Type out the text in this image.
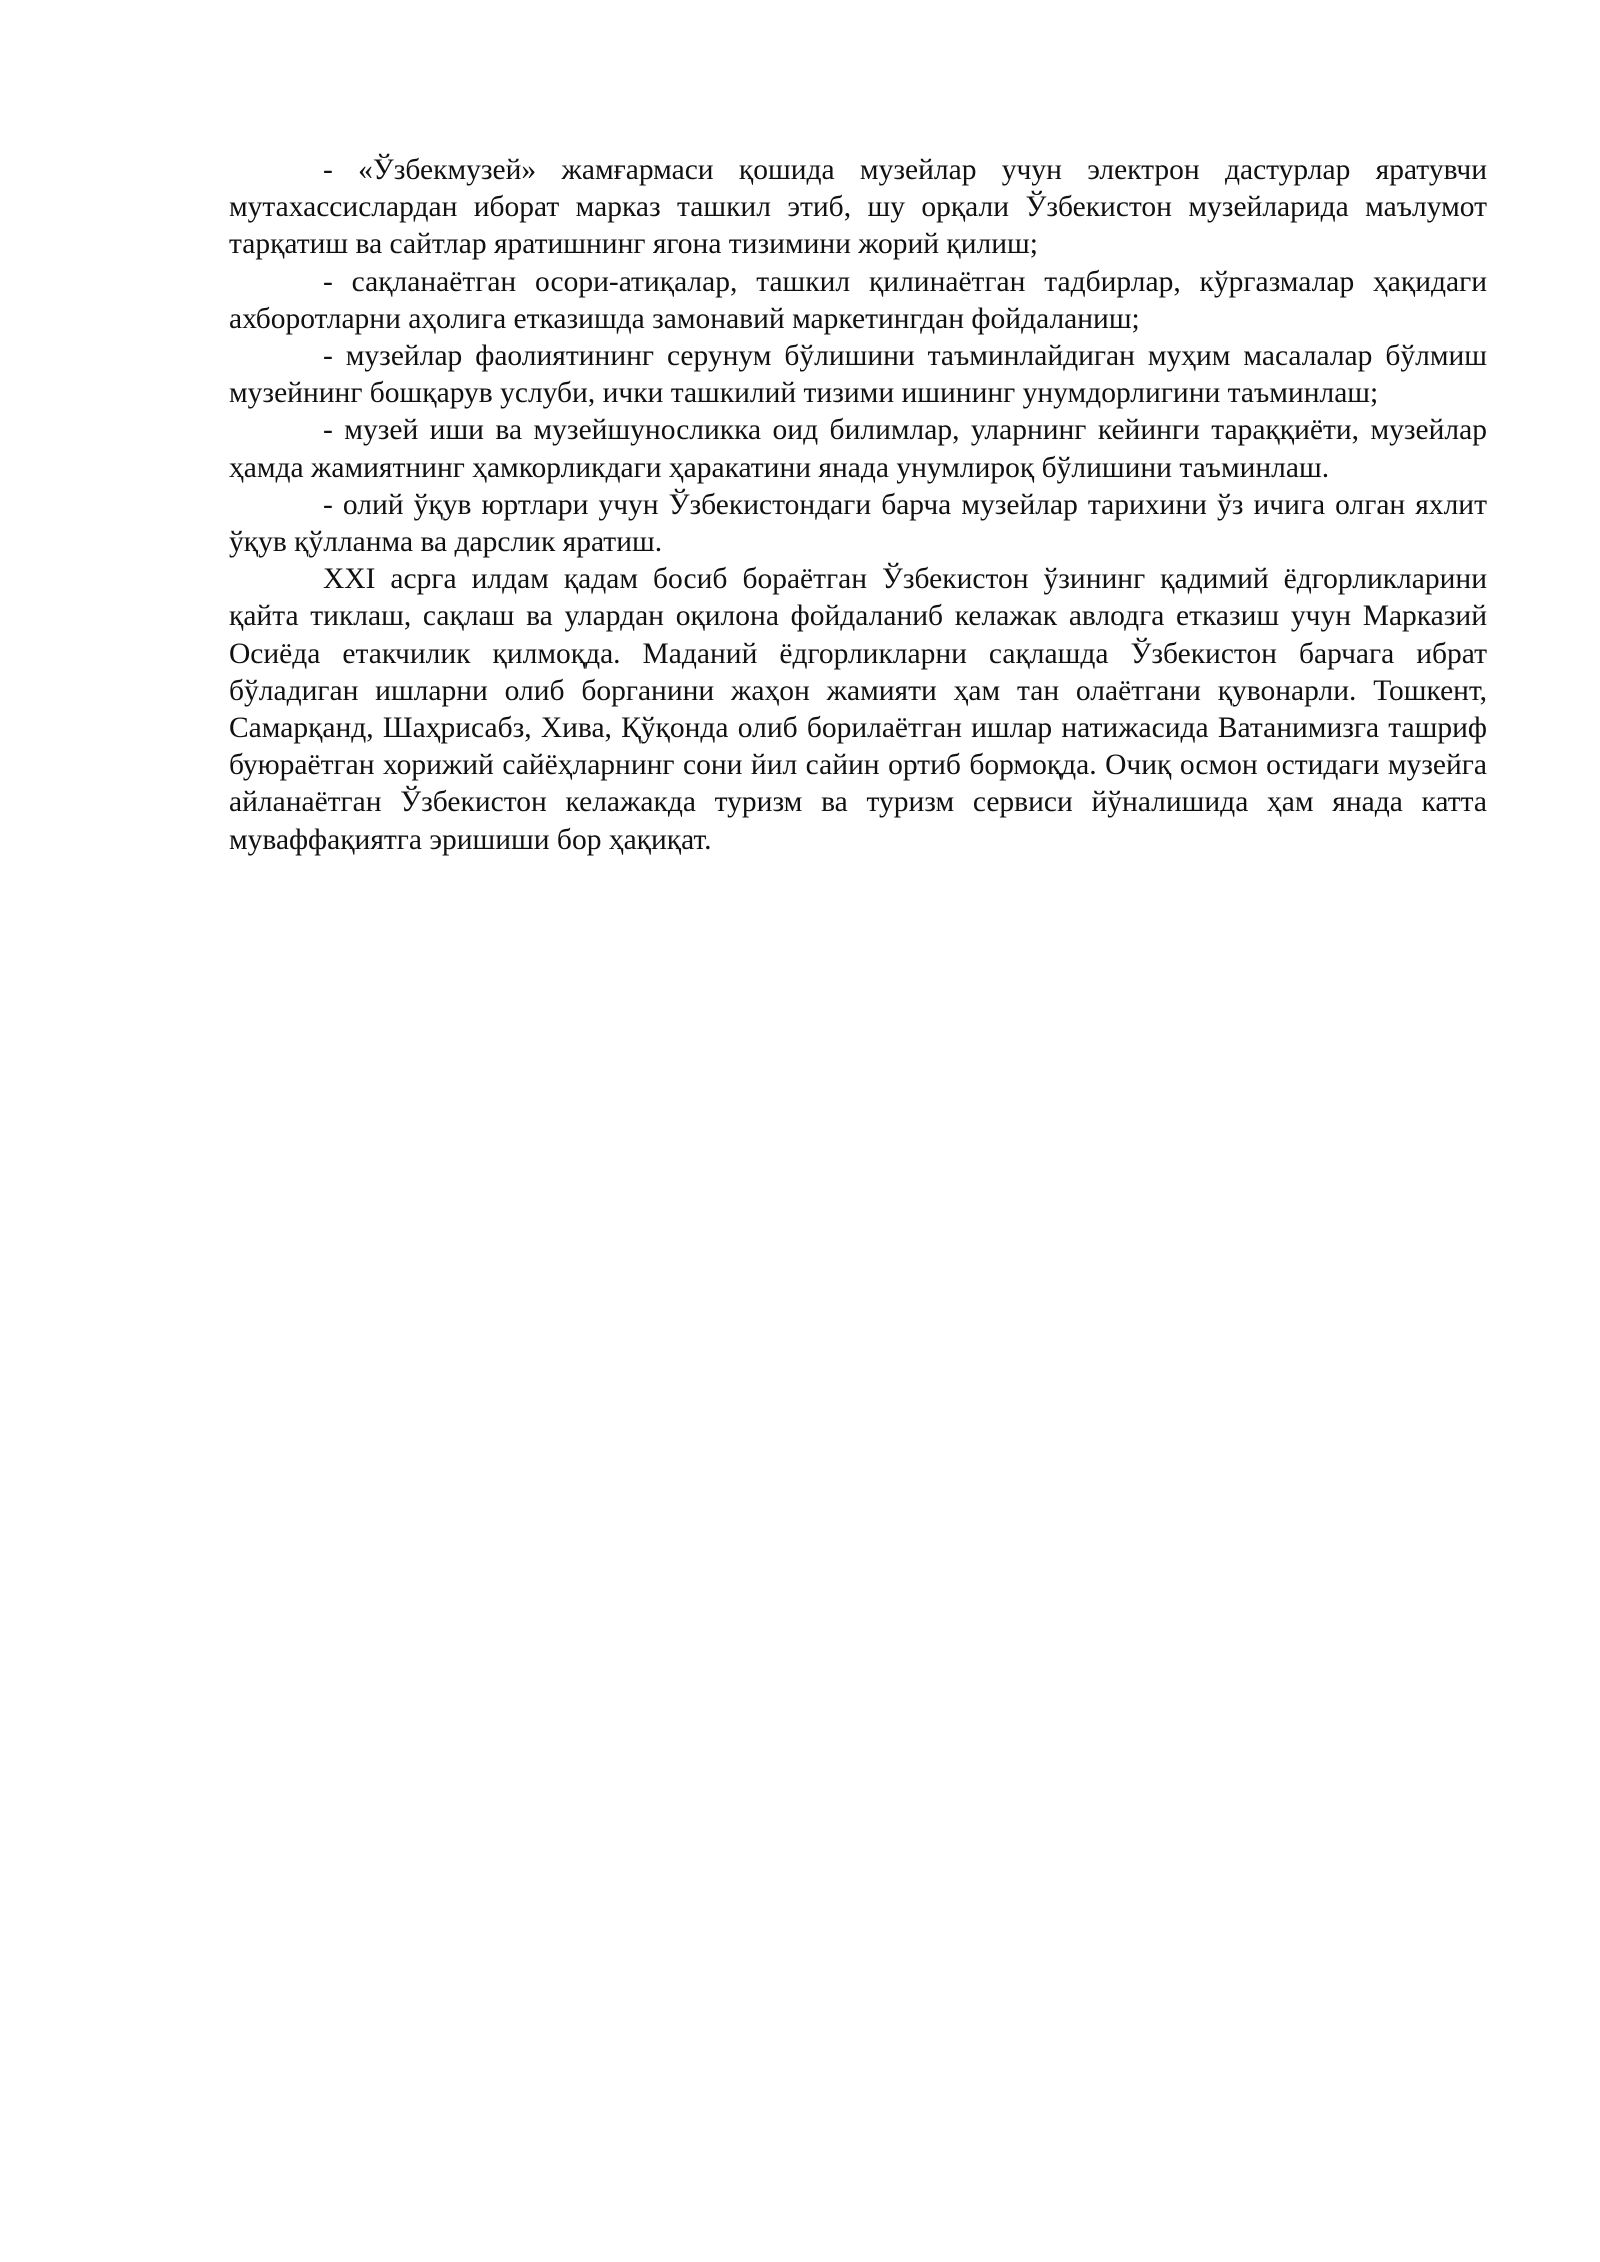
- «Ўзбекмузей» жамғармаси қошида музейлар учун электрон дастурлар яратувчи мутахассислардан иборат марказ ташкил этиб, шу орқали Ўзбекистон музейларида маълумот тарқатиш ва сайтлар яратишнинг ягона тизимини жорий қилиш;

- сақланаётган осори-атиқалар, ташкил қилинаётган тадбирлар, кўргазмалар ҳақидаги ахборотларни аҳолига етказишда замонавий маркетингдан фойдаланиш;

- музейлар фаолиятининг серунум бўлишини таъминлайдиган муҳим масалалар бўлмиш музейнинг бошқарув услуби, ички ташкилий тизими ишининг унумдорлигини таъминлаш;

- музей иши ва музейшуносликка оид билимлар, уларнинг кейинги тараққиёти, музейлар ҳамда жамиятнинг ҳамкорликдаги ҳаракатини янада унумлироқ бўлишини таъминлаш.

- олий ўқув юртлари учун Ўзбекистондаги барча музейлар тарихини ўз ичига олган яхлит ўқув қўлланма ва дарслик яратиш.

XXI асрга илдам қадам босиб бораётган Ўзбекистон ўзининг қадимий ёдгорликларини қайта тиклаш, сақлаш ва улардан оқилона фойдаланиб келажак авлодга етказиш учун Марказий Осиёда етакчилик қилмоқда. Маданий ёдгорликларни сақлашда Ўзбекистон барчага ибрат бўладиган ишларни олиб борганини жаҳон жамияти ҳам тан олаётгани қувонарли. Тошкент, Самарқанд, Шаҳрисабз, Хива, Қўқонда олиб борилаётган ишлар натижасида Ватанимизга ташриф буюраётган хорижий сайёҳларнинг сони йил сайин ортиб бормоқда. Очиқ осмон остидаги музейга айланаётган Ўзбекистон келажакда туризм ва туризм сервиси йўналишида ҳам янада катта муваффақиятга эришиши бор ҳақиқат.
